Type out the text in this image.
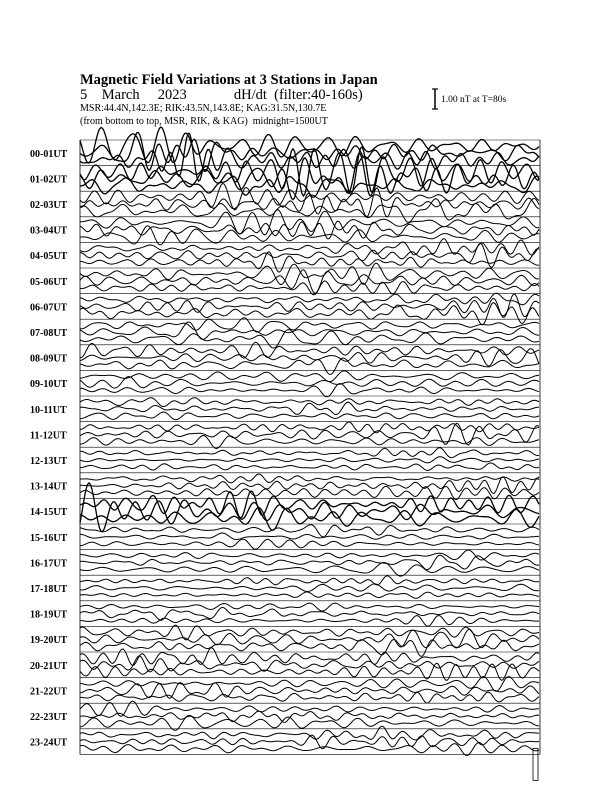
Magnetic Field Variations at 3 Stations in Japan
5    March     2023             dH/dt  (filter:40-160s)
MSR:44.4N,142.3E; RIK:43.5N,143.8E; KAG:31.5N,130.7E
(from bottom to top, MSR, RIK, & KAG)  midnight=1500UT
1.00 nT at T=80s
00-01UT
01-02UT
02-03UT
03-04UT
04-05UT
05-06UT
06-07UT
07-08UT
08-09UT
09-10UT
10-11UT
11-12UT
12-13UT
13-14UT
14-15UT
15-16UT
16-17UT
17-18UT
18-19UT
19-20UT
20-21UT
21-22UT
22-23UT
23-24UT
